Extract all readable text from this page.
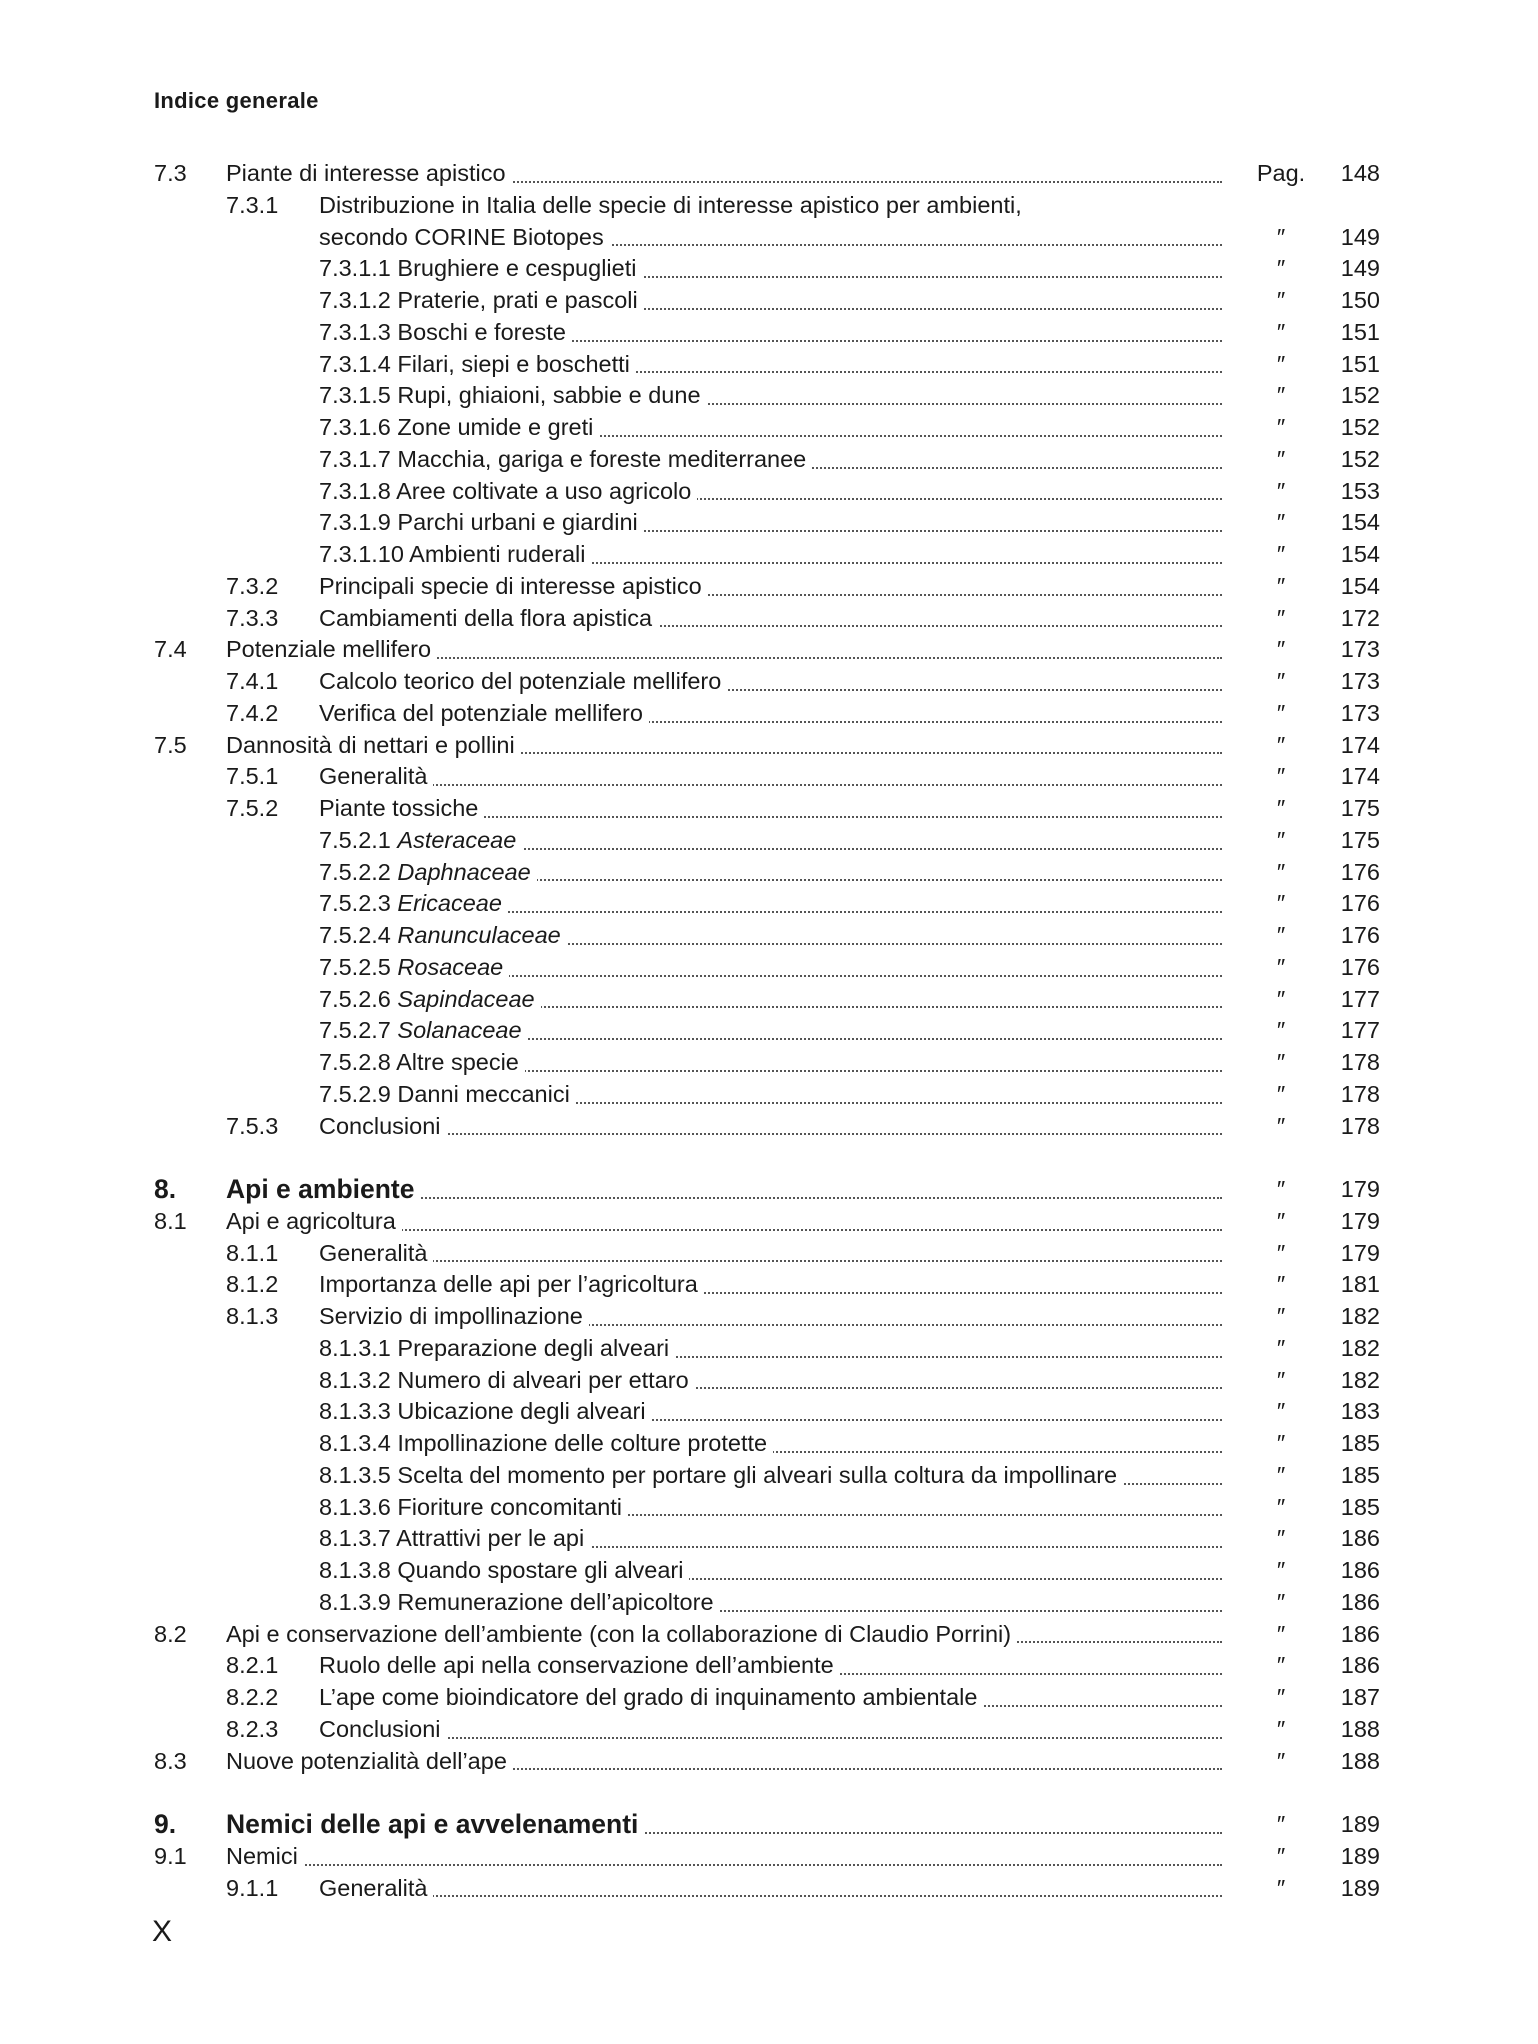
Indice generale
7.3 Piante di interesse apistico	Pag.	148
7.3.1 Distribuzione in Italia delle specie di interesse apistico per ambienti,
secondo CORINE Biotopes	″	149
7.3.1.1 Brughiere e cespuglieti	″	149
7.3.1.2 Praterie, prati e pascoli	″	150
7.3.1.3 Boschi e foreste	″	151
7.3.1.4 Filari, siepi e boschetti	″	151
7.3.1.5 Rupi, ghiaioni, sabbie e dune	″	152
7.3.1.6 Zone umide e greti	″	152
7.3.1.7 Macchia, gariga e foreste mediterranee	″	152
7.3.1.8 Aree coltivate a uso agricolo	″	153
7.3.1.9 Parchi urbani e giardini	″	154
7.3.1.10 Ambienti ruderali	″	154
7.3.2 Principali specie di interesse apistico	″	154
7.3.3 Cambiamenti della flora apistica	″	172
7.4 Potenziale mellifero	″	173
7.4.1 Calcolo teorico del potenziale mellifero	″	173
7.4.2 Verifica del potenziale mellifero	″	173
7.5 Dannosità di nettari e pollini	″	174
7.5.1 Generalità	″	174
7.5.2 Piante tossiche	″	175
7.5.2.1 Asteraceae	″	175
7.5.2.2 Daphnaceae	″	176
7.5.2.3 Ericaceae	″	176
7.5.2.4 Ranunculaceae	″	176
7.5.2.5 Rosaceae	″	176
7.5.2.6 Sapindaceae	″	177
7.5.2.7 Solanaceae	″	177
7.5.2.8 Altre specie	″	178
7.5.2.9 Danni meccanici	″	178
7.5.3 Conclusioni	″	178
8. Api e ambiente	″	179
8.1 Api e agricoltura	″	179
8.1.1 Generalità	″	179
8.1.2 Importanza delle api per l’agricoltura	″	181
8.1.3 Servizio di impollinazione	″	182
8.1.3.1 Preparazione degli alveari	″	182
8.1.3.2 Numero di alveari per ettaro	″	182
8.1.3.3 Ubicazione degli alveari	″	183
8.1.3.4 Impollinazione delle colture protette	″	185
8.1.3.5 Scelta del momento per portare gli alveari sulla coltura da impollinare	″	185
8.1.3.6 Fioriture concomitanti	″	185
8.1.3.7 Attrattivi per le api	″	186
8.1.3.8 Quando spostare gli alveari	″	186
8.1.3.9 Remunerazione dell’apicoltore	″	186
8.2 Api e conservazione dell’ambiente (con la collaborazione di Claudio Porrini)	″	186
8.2.1 Ruolo delle api nella conservazione dell’ambiente	″	186
8.2.2 L’ape come bioindicatore del grado di inquinamento ambientale	″	187
8.2.3 Conclusioni	″	188
8.3 Nuove potenzialità dell’ape	″	188
9. Nemici delle api e avvelenamenti	″	189
9.1 Nemici	″	189
9.1.1 Generalità	″	189
X
